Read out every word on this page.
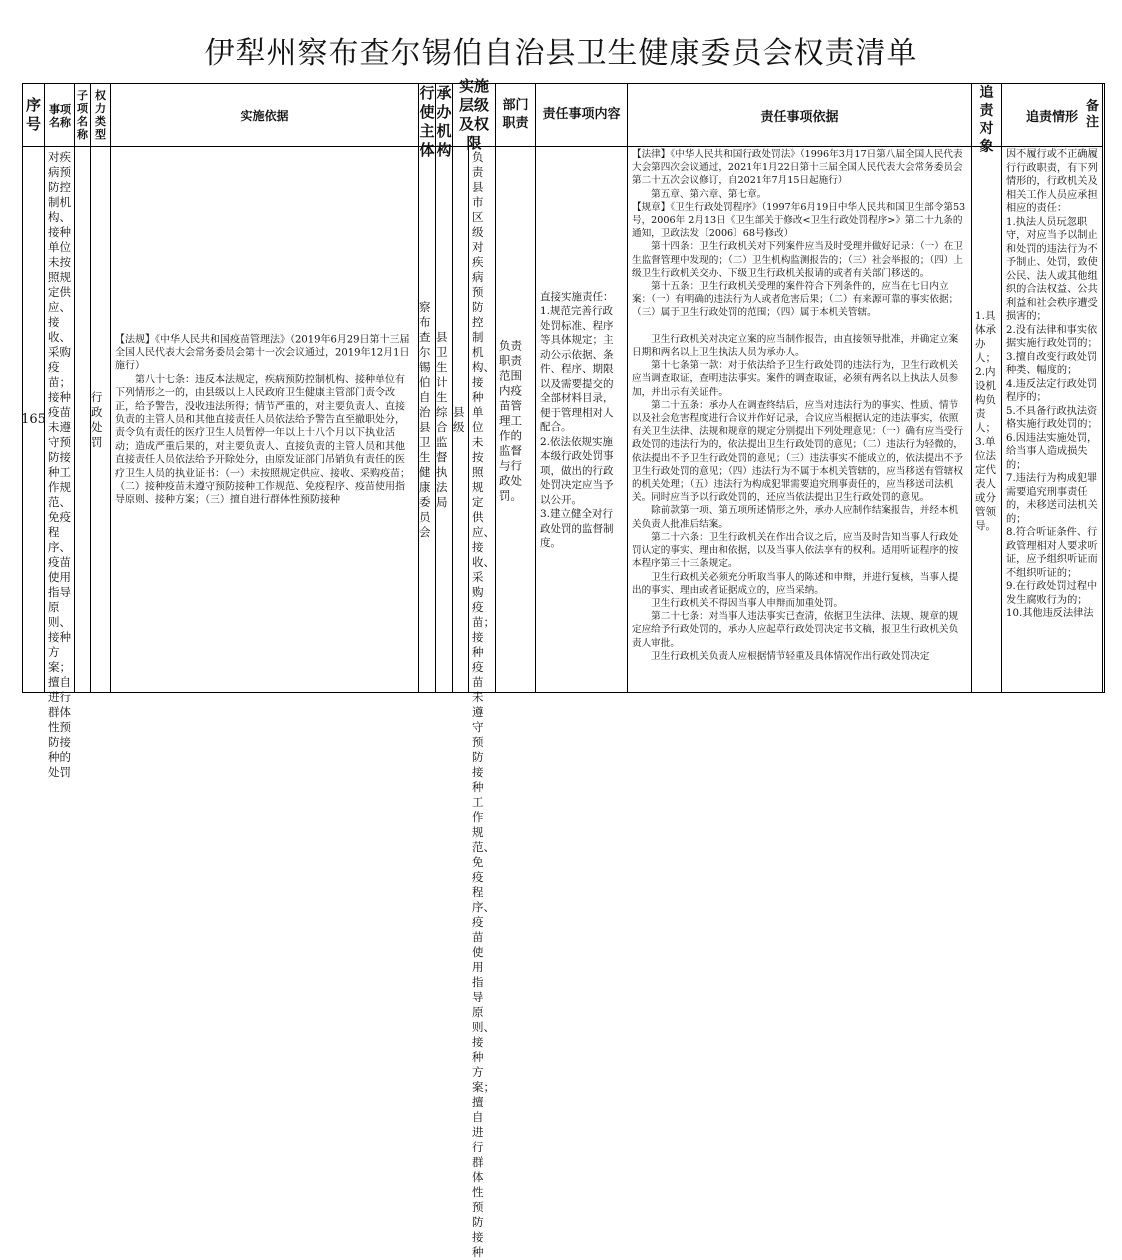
伊犁州察布查尔锡伯自治县卫生健康委员会权责清单
序号
165
事项名称
对疾病预防控制机构、接种单位未按照规定供应、接收、采购疫苗；接种疫苗未遵守预防接种工作规范、免疫程序、疫苗使用指导原则、接种方案；擅自进行群体性预防接种的处罚
子项名称
权力类型
行政处罚
实施依据
【法规】《中华人民共和国疫苗管理法》（2019年6月29日第十三届全国人民代表大会常务委员会第十一次会议通过，2019年12月1日施行）
　　第八十七条：违反本法规定，疾病预防控制机构、接种单位有下列情形之一的，由县级以上人民政府卫生健康主管部门责令改正，给予警告，没收违法所得；情节严重的，对主要负责人、直接负责的主管人员和其他直接责任人员依法给予警告直至撤职处分，责令负有责任的医疗卫生人员暂停一年以上十八个月以下执业活动；造成严重后果的，对主要负责人、直接负责的主管人员和其他直接责任人员依法给予开除处分，由原发证部门吊销负有责任的医疗卫生人员的执业证书：（一）未按照规定供应、接收、采购疫苗；（二）接种疫苗未遵守预防接种工作规范、免疫程序、疫苗使用指导原则、接种方案；（三）擅自进行群体性预防接种
行使主体
察布查尔锡伯自治县卫生健康委员会
承办机构
县卫生计生综合监督执法局
实施层级及权限
县级
负责县市区级对疾病预防控制机构、接种单位未按照规定供应、接收、采购疫苗；接种疫苗未遵守预防接种工作规范、免疫程序、疫苗使用指导原则、接种方案；擅自进行群体性预防接种
部门职责
负责职责范围内疫苗管理工作的监督与行政处罚。
责任事项内容
直接实施责任：
1.规范完善行政处罚标准、程序等具体规定；主动公示依据、条件、程序、期限以及需要提交的全部材料目录，便于管理相对人配合。
2.依法依规实施本级行政处罚事项，做出的行政处罚决定应当予以公开。
3.建立健全对行政处罚的监督制度。
责任事项依据
【法律】《中华人民共和国行政处罚法》（1996年3月17日第八届全国人民代表大会第四次会议通过，2021年1月22日第十三届全国人民代表大会常务委员会第二十五次会议修订，自2021年7月15日起施行）
　　第五章、第六章、第七章。
【规章】《卫生行政处罚程序》（1997年6月19日中华人民共和国卫生部令第53号，2006年 2月13日《卫生部关于修改<卫生行政处罚程序>》第二十九条的通知，卫政法发〔2006〕68号修改）
　　第十四条：卫生行政机关对下列案件应当及时受理并做好记录：（一）在卫生监督管理中发现的；（二）卫生机构监测报告的；（三）社会举报的；（四）上级卫生行政机关交办、下级卫生行政机关报请的或者有关部门移送的。
　　第十五条：卫生行政机关受理的案件符合下列条件的，应当在七日内立案：（一）有明确的违法行为人或者危害后果；（二）有来源可靠的事实依据；（三）属于卫生行政处罚的范围；（四）属于本机关管辖。

　　卫生行政机关对决定立案的应当制作报告，由直接领导批准，并确定立案日期和两名以上卫生执法人员为承办人。
　　第十七条第一款：对于依法给予卫生行政处罚的违法行为，卫生行政机关应当调查取证，查明违法事实。案件的调查取证，必须有两名以上执法人员参加，并出示有关证件。
　　第二十五条：承办人在调查终结后，应当对违法行为的事实、性质、情节以及社会危害程度进行合议并作好记录，合议应当根据认定的违法事实，依照有关卫生法律、法规和规章的规定分别提出下列处理意见：（一）确有应当受行政处罚的违法行为的，依法提出卫生行政处罚的意见；（二）违法行为轻微的，依法提出不予卫生行政处罚的意见；（三）违法事实不能成立的，依法提出不予卫生行政处罚的意见；（四）违法行为不属于本机关管辖的，应当移送有管辖权的机关处理；（五）违法行为构成犯罪需要追究刑事责任的，应当移送司法机关。同时应当予以行政处罚的，还应当依法提出卫生行政处罚的意见。
　　除前款第一项、第五项所述情形之外，承办人应制作结案报告，并经本机关负责人批准后结案。
　　第二十六条：卫生行政机关在作出合议之后，应当及时告知当事人行政处罚认定的事实、理由和依据，以及当事人依法享有的权利。适用听证程序的按本程序第三十三条规定。
　　卫生行政机关必须充分听取当事人的陈述和申辩，并进行复核，当事人提出的事实、理由或者证据成立的，应当采纳。
　　卫生行政机关不得因当事人申辩而加重处罚。
　　第二十七条：对当事人违法事实已查清，依据卫生法律、法规、规章的规定应给予行政处罚的，承办人应起草行政处罚决定书文稿，报卫生行政机关负责人审批。
　　卫生行政机关负责人应根据情节轻重及具体情况作出行政处罚决定
追责对象
1.具体承办人；
2.内设机构负责人；
3.单位法定代表人或分管领导。
追责情形
因不履行或不正确履行行政职责，有下列情形的，行政机关及相关工作人员应承担相应的责任：
1.执法人员玩忽职守，对应当予以制止和处罚的违法行为不予制止、处罚，致使公民、法人或其他组织的合法权益、公共利益和社会秩序遭受损害的；
2.没有法律和事实依据实施行政处罚的；
3.擅自改变行政处罚种类、幅度的；
4.违反法定行政处罚程序的；
5.不具备行政执法资格实施行政处罚的；
6.因违法实施处罚，给当事人造成损失的；
7.违法行为构成犯罪需要追究刑事责任的，未移送司法机关的；
8.符合听证条件、行政管理相对人要求听证，应予组织听证而不组织听证的；
9.在行政处罚过程中发生腐败行为的；
10.其他违反法律法
备注
